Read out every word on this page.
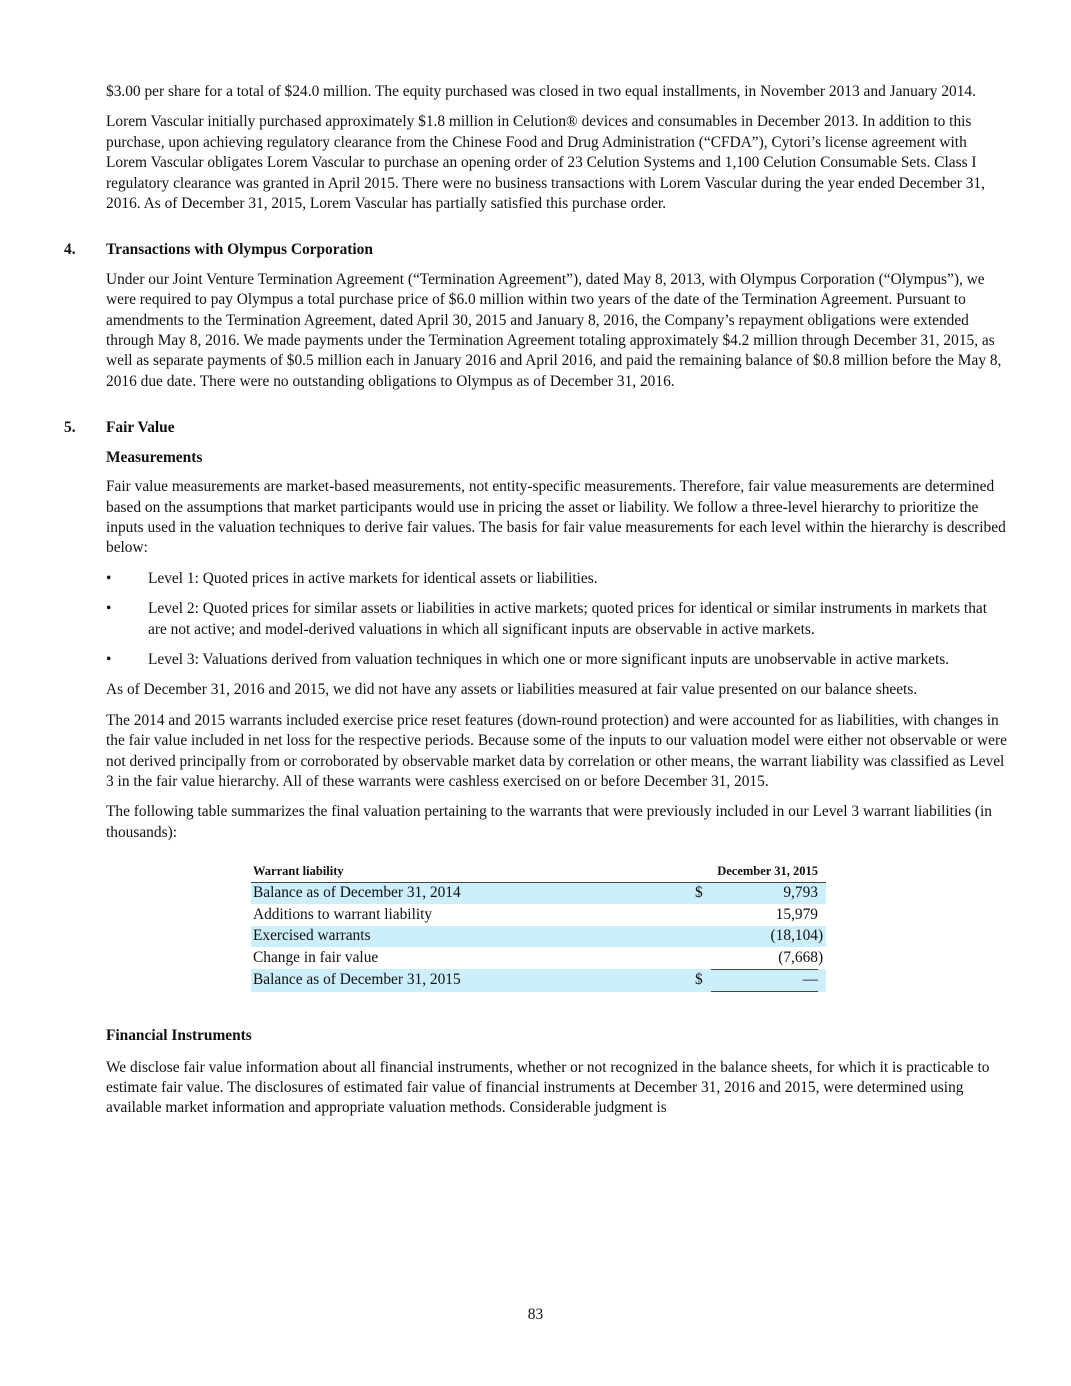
$3.00 per share for a total of $24.0 million. The equity purchased was closed in two equal installments, in November 2013 and January 2014.

Lorem Vascular initially purchased approximately $1.8 million in Celution® devices and consumables in December 2013. In addition to this purchase, upon achieving regulatory clearance from the Chinese Food and Drug Administration (“CFDA”), Cytori’s license agreement with Lorem Vascular obligates Lorem Vascular to purchase an opening order of 23 Celution Systems and 1,100 Celution Consumable Sets. Class I regulatory clearance was granted in April 2015. There were no business transactions with Lorem Vascular during the year ended December 31, 2016. As of December 31, 2015, Lorem Vascular has partially satisfied this purchase order.

4. Transactions with Olympus Corporation

Under our Joint Venture Termination Agreement (“Termination Agreement”), dated May 8, 2013, with Olympus Corporation (“Olympus”), we were required to pay Olympus a total purchase price of $6.0 million within two years of the date of the Termination Agreement. Pursuant to amendments to the Termination Agreement, dated April 30, 2015 and January 8, 2016, the Company’s repayment obligations were extended through May 8, 2016. We made payments under the Termination Agreement totaling approximately $4.2 million through December 31, 2015, as well as separate payments of $0.5 million each in January 2016 and April 2016, and paid the remaining balance of $0.8 million before the May 8, 2016 due date. There were no outstanding obligations to Olympus as of December 31, 2016.

5. Fair Value
Measurements

Fair value measurements are market-based measurements, not entity-specific measurements. Therefore, fair value measurements are determined based on the assumptions that market participants would use in pricing the asset or liability. We follow a three-level hierarchy to prioritize the inputs used in the valuation techniques to derive fair values. The basis for fair value measurements for each level within the hierarchy is described below:

• Level 1: Quoted prices in active markets for identical assets or liabilities.
• Level 2: Quoted prices for similar assets or liabilities in active markets; quoted prices for identical or similar instruments in markets that are not active; and model-derived valuations in which all significant inputs are observable in active markets.
• Level 3: Valuations derived from valuation techniques in which one or more significant inputs are unobservable in active markets.

As of December 31, 2016 and 2015, we did not have any assets or liabilities measured at fair value presented on our balance sheets.

The 2014 and 2015 warrants included exercise price reset features (down-round protection) and were accounted for as liabilities, with changes in the fair value included in net loss for the respective periods. Because some of the inputs to our valuation model were either not observable or were not derived principally from or corroborated by observable market data by correlation or other means, the warrant liability was classified as Level 3 in the fair value hierarchy. All of these warrants were cashless exercised on or before December 31, 2015.

The following table summarizes the final valuation pertaining to the warrants that were previously included in our Level 3 warrant liabilities (in thousands):

Warrant liability	December 31, 2015		
Balance as of December 31, 2014	$	9,793	
Additions to warrant liability		15,979	
Exercised warrants		(18,104	)
Change in fair value		(7,668	)
Balance as of December 31, 2015	$	—	
Financial Instruments

We disclose fair value information about all financial instruments, whether or not recognized in the balance sheets, for which it is practicable to estimate fair value. The disclosures of estimated fair value of financial instruments at December 31, 2016 and 2015, were determined using available market information and appropriate valuation methods. Considerable judgment is

83
